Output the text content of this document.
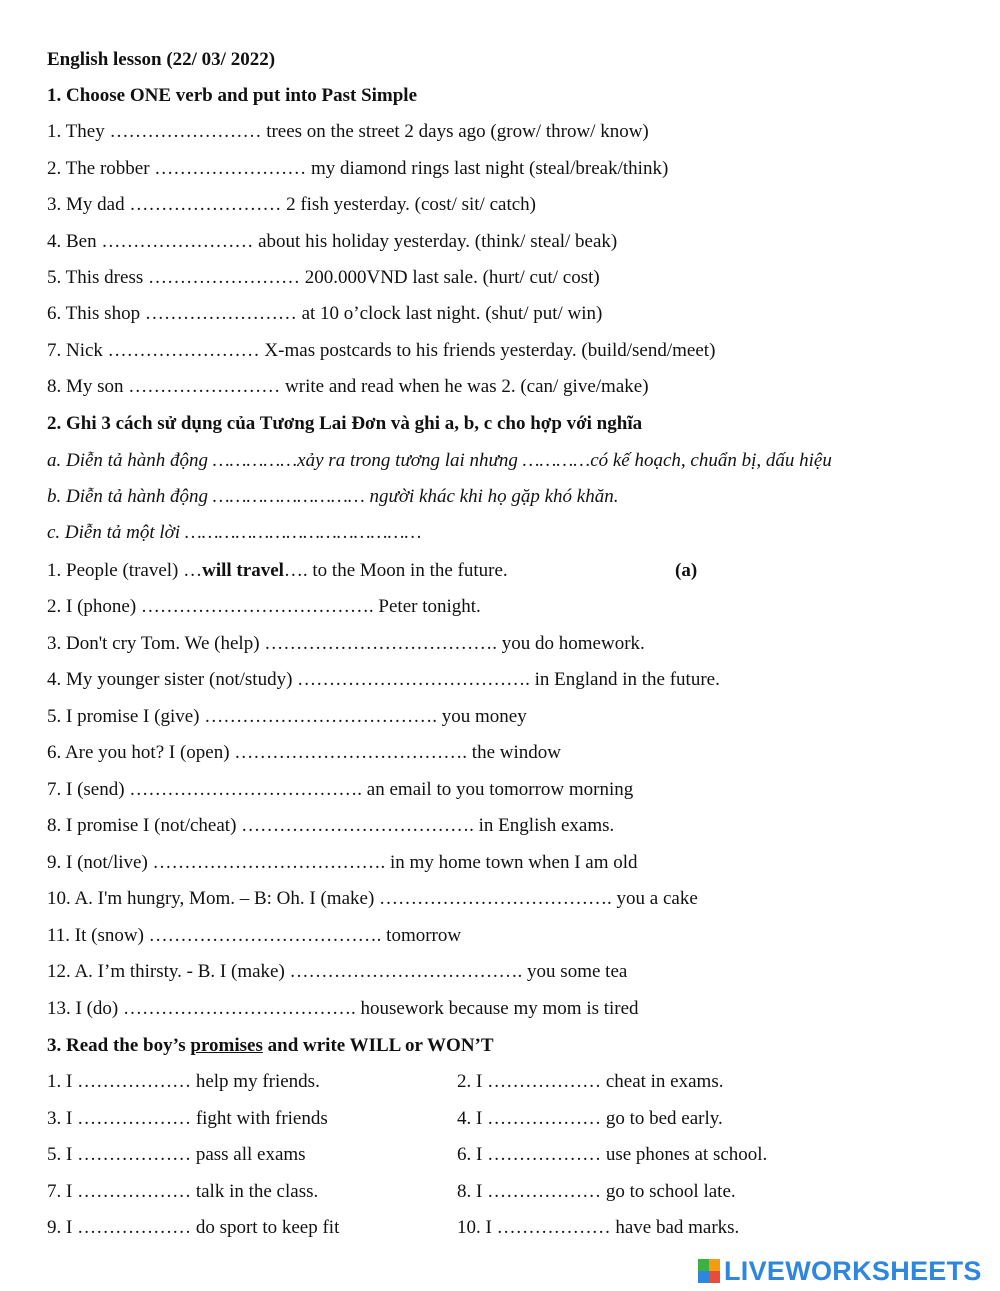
English lesson (22/ 03/ 2022)
1. Choose ONE verb and put into Past Simple
1. They …………………… trees on the street 2 days ago (grow/ throw/ know)
2. The robber …………………… my diamond rings last night (steal/break/think)
3. My dad …………………… 2 fish yesterday. (cost/ sit/ catch)
4. Ben …………………… about his holiday yesterday. (think/ steal/ beak)
5. This dress …………………… 200.000VND last sale. (hurt/ cut/ cost)
6. This shop …………………… at 10 o’clock last night. (shut/ put/ win)
7. Nick …………………… X-mas postcards to his friends yesterday. (build/send/meet)
8. My son …………………… write and read when he was 2. (can/ give/make)
2. Ghi 3 cách sử dụng của Tương Lai Đơn và ghi a, b, c cho hợp với nghĩa
a. Diễn tả hành động ……………xảy ra trong tương lai nhưng …………có kế hoạch, chuẩn bị, dấu hiệu
b. Diễn tả hành động ……………………… người khác khi họ gặp khó khăn.
c. Diễn tả một lời ……………………………………
1. People (travel) …will travel…. to the Moon in the future.	(a)
2. I (phone) ………………………………. Peter tonight.
3. Don't cry Tom. We (help) ………………………………. you do homework.
4. My younger sister (not/study) ………………………………. in England in the future.
5. I promise I (give) ………………………………. you money
6. Are you hot? I (open) ………………………………. the window
7. I (send) ………………………………. an email to you tomorrow morning
8. I promise I (not/cheat) ………………………………. in English exams.
9. I (not/live) ………………………………. in my home town when I am old
10. A. I'm hungry, Mom. – B: Oh. I (make) ………………………………. you a cake
11. It (snow) ………………………………. tomorrow
12. A. I’m thirsty. - B. I (make) ………………………………. you some tea
13. I (do) ………………………………. housework because my mom is tired
3. Read the boy’s promises and write WILL or WON’T
1. I ……………… help my friends.	2. I ……………… cheat in exams.
3. I ……………… fight with friends	4. I ……………… go to bed early.
5. I ……………… pass all exams	6. I ……………… use phones at school.
7. I ……………… talk in the class.	8. I ……………… go to school late.
9. I ……………… do sport to keep fit	10. I ……………… have bad marks.
LIVEWORKSHEETS
